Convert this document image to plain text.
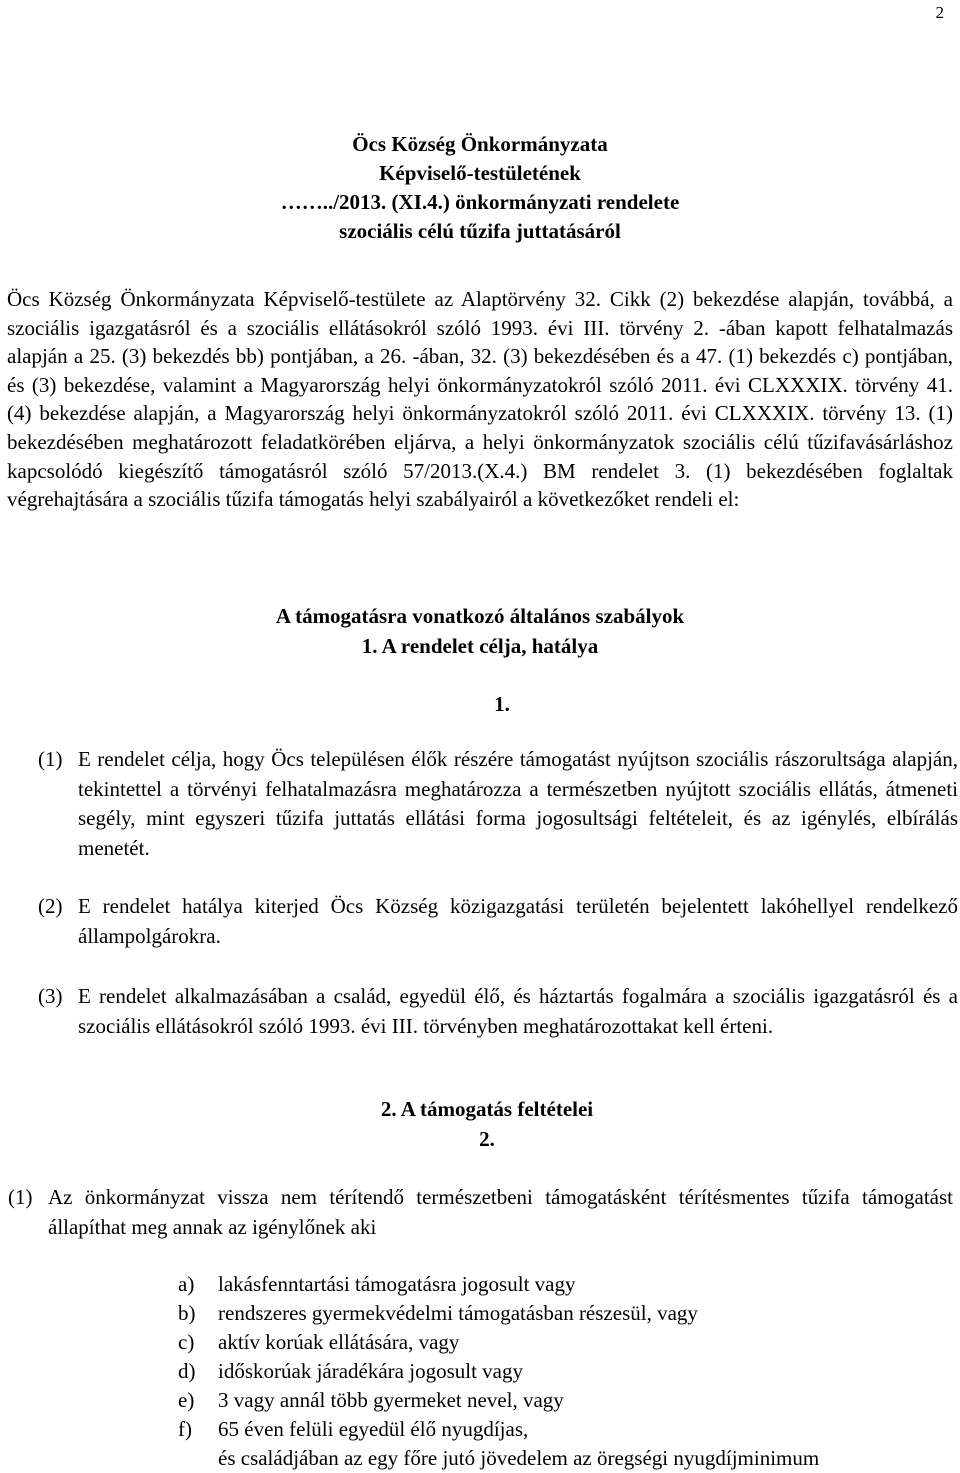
2
Öcs Község Önkormányzata
Képviselő-testületének
……../2013. (XI.4.) önkormányzati rendelete
szociális célú tűzifa juttatásáról

Öcs Község Önkormányzata Képviselő-testülete az Alaptörvény 32. Cikk (2) bekezdése alapján, továbbá, a szociális igazgatásról és a szociális ellátásokról szóló 1993. évi III. törvény 2. -ában kapott felhatalmazás alapján a 25. (3) bekezdés bb) pontjában, a 26. -ában, 32. (3) bekezdésében és a 47. (1) bekezdés c) pontjában, és (3) bekezdése, valamint a Magyarország helyi önkormányzatokról szóló 2011. évi CLXXXIX. törvény 41. (4) bekezdése alapján, a Magyarország helyi önkormányzatokról szóló 2011. évi CLXXXIX. törvény 13. (1) bekezdésében meghatározott feladatkörében eljárva, a helyi önkormányzatok szociális célú tűzifavásárláshoz kapcsolódó kiegészítő támogatásról szóló 57/2013.(X.4.) BM rendelet 3. (1) bekezdésében foglaltak végrehajtására a szociális tűzifa támogatás helyi szabályairól a következőket rendeli el:

A támogatásra vonatkozó általános szabályok
1. A rendelet célja, hatálya
1.
(1) E rendelet célja, hogy Öcs településen élők részére támogatást nyújtson szociális rászorultsága alapján, tekintettel a törvényi felhatalmazásra meghatározza a természetben nyújtott szociális ellátás, átmeneti segély, mint egyszeri tűzifa juttatás ellátási forma jogosultsági feltételeit, és az igénylés, elbírálás menetét.

(2) E rendelet hatálya kiterjed Öcs Község közigazgatási területén bejelentett lakóhellyel rendelkező állampolgárokra.

(3) E rendelet alkalmazásában a család, egyedül élő, és háztartás fogalmára a szociális igazgatásról és a szociális ellátásokról szóló 1993. évi III. törvényben meghatározottakat kell érteni.

2. A támogatás feltételei
2.
(1) Az önkormányzat vissza nem térítendő természetbeni támogatásként térítésmentes tűzifa támogatást állapíthat meg annak az igénylőnek aki

a) lakásfenntartási támogatásra jogosult vagy
b) rendszeres gyermekvédelmi támogatásban részesül, vagy
c) aktív korúak ellátására, vagy
d) időskorúak járadékára jogosult vagy
e) 3 vagy annál több gyermeket nevel, vagy
f) 65 éven felüli egyedül élő nyugdíjas,
és családjában az egy főre jutó jövedelem az öregségi nyugdíjminimum
